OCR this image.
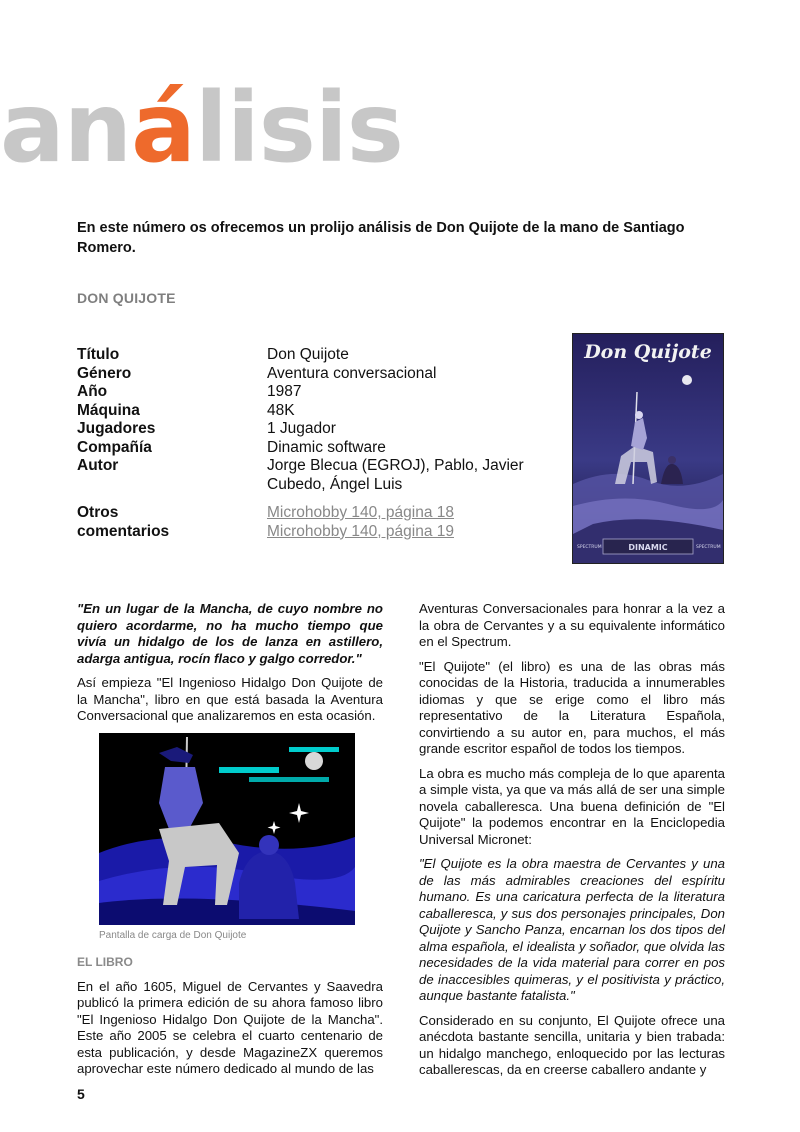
análisis
En este número os ofrecemos un prolijo análisis de Don Quijote de la mano de Santiago Romero.
DON QUIJOTE
Título	Don Quijote
Género	Aventura conversacional
Año	1987
Máquina	48K
Jugadores	1 Jugador
Compañía	Dinamic software
Autor	Jorge Blecua (EGROJ), Pablo, Javier Cubedo, Ángel Luis
Otros	Microhobby 140, página 18
comentarios	Microhobby 140, página 19
Don Quijote
DINAMIC
SPECTRUM	SPECTRUM

"En un lugar de la Mancha, de cuyo nombre no quiero acordarme, no ha mucho tiempo que vivía un hidalgo de los de lanza en astillero, adarga antigua, rocín flaco y galgo corredor."

Así empieza "El Ingenioso Hidalgo Don Quijote de la Mancha", libro en que está basada la Aventura Conversacional que analizaremos en esta ocasión.

Pantalla de carga de Don Quijote
EL LIBRO

En el año 1605, Miguel de Cervantes y Saavedra publicó la primera edición de su ahora famoso libro "El Ingenioso Hidalgo Don Quijote de la Mancha". Este año 2005 se celebra el cuarto centenario de esta publicación, y desde MagazineZX queremos aprovechar este número dedicado al mundo de las

Aventuras Conversacionales para honrar a la vez a la obra de Cervantes y a su equivalente informático en el Spectrum.

"El Quijote" (el libro) es una de las obras más conocidas de la Historia, traducida a innumerables idiomas y que se erige como el libro más representativo de la Literatura Española, convirtiendo a su autor en, para muchos, el más grande escritor español de todos los tiempos.

La obra es mucho más compleja de lo que aparenta a simple vista, ya que va más allá de ser una simple novela caballeresca. Una buena definición de "El Quijote" la podemos encontrar en la Enciclopedia Universal Micronet:

"El Quijote es la obra maestra de Cervantes y una de las más admirables creaciones del espíritu humano. Es una caricatura perfecta de la literatura caballeresca, y sus dos personajes principales, Don Quijote y Sancho Panza, encarnan los dos tipos del alma española, el idealista y soñador, que olvida las necesidades de la vida material para correr en pos de inaccesibles quimeras, y el positivista y práctico, aunque bastante fatalista."

Considerado en su conjunto, El Quijote ofrece una anécdota bastante sencilla, unitaria y bien trabada: un hidalgo manchego, enloquecido por las lecturas caballerescas, da en creerse caballero andante y

5
